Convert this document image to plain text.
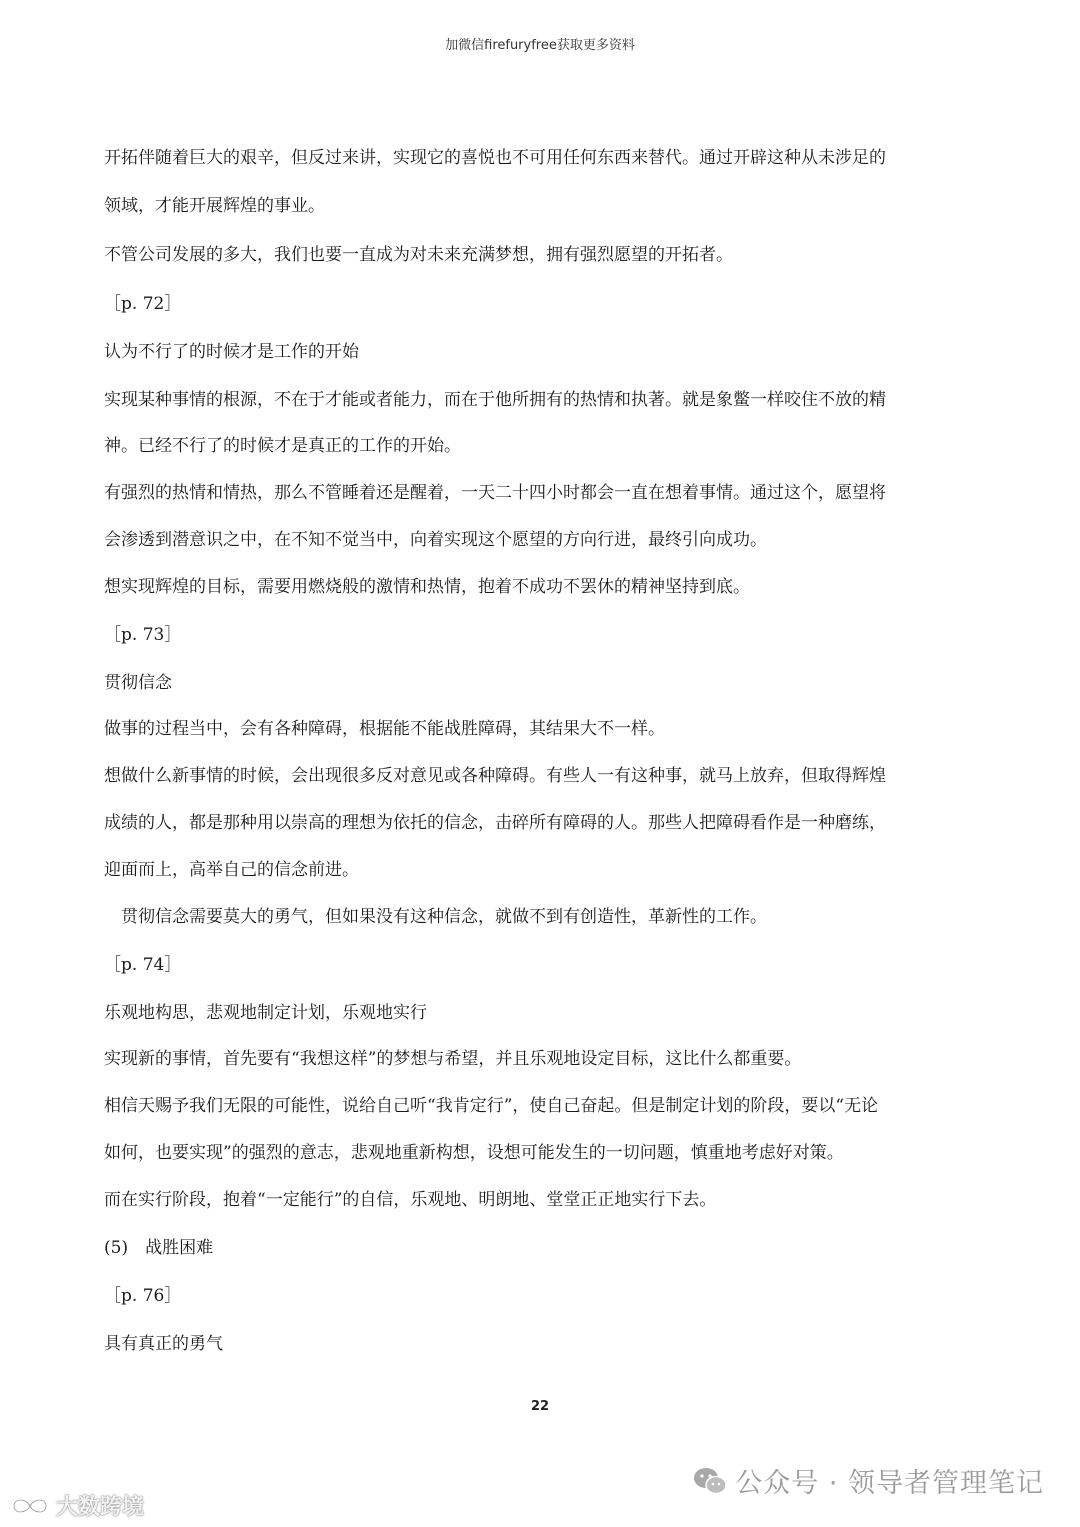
加微信firefuryfree获取更多资料
开拓伴随着巨大的艰辛，但反过来讲，实现它的喜悦也不可用任何东西来替代。通过开辟这种从未涉足的
领域，才能开展辉煌的事业。
不管公司发展的多大，我们也要一直成为对未来充满梦想，拥有强烈愿望的开拓者。
［p. 72］
认为不行了的时候才是工作的开始
实现某种事情的根源，不在于才能或者能力，而在于他所拥有的热情和执著。就是象鳖一样咬住不放的精
神。已经不行了的时候才是真正的工作的开始。
有强烈的热情和情热，那么不管睡着还是醒着，一天二十四小时都会一直在想着事情。通过这个，愿望将
会渗透到潜意识之中，在不知不觉当中，向着实现这个愿望的方向行进，最终引向成功。
想实现辉煌的目标，需要用燃烧般的激情和热情，抱着不成功不罢休的精神坚持到底。
［p. 73］
贯彻信念
做事的过程当中，会有各种障碍，根据能不能战胜障碍，其结果大不一样。
想做什么新事情的时候，会出现很多反对意见或各种障碍。有些人一有这种事，就马上放弃，但取得辉煌
成绩的人，都是那种用以崇高的理想为依托的信念，击碎所有障碍的人。那些人把障碍看作是一种磨练，
迎面而上，高举自己的信念前进。
　贯彻信念需要莫大的勇气，但如果没有这种信念，就做不到有创造性，革新性的工作。
［p. 74］
乐观地构思，悲观地制定计划，乐观地实行
实现新的事情，首先要有“我想这样”的梦想与希望，并且乐观地设定目标，这比什么都重要。
相信天赐予我们无限的可能性，说给自己听“我肯定行”，使自己奋起。但是制定计划的阶段，要以“无论
如何，也要实现”的强烈的意志，悲观地重新构想，设想可能发生的一切问题，慎重地考虑好对策。
而在实行阶段，抱着“一定能行”的自信，乐观地、明朗地、堂堂正正地实行下去。
(5)　战胜困难
［p. 76］
具有真正的勇气
22
公众号 · 领导者管理笔记
大数跨境
